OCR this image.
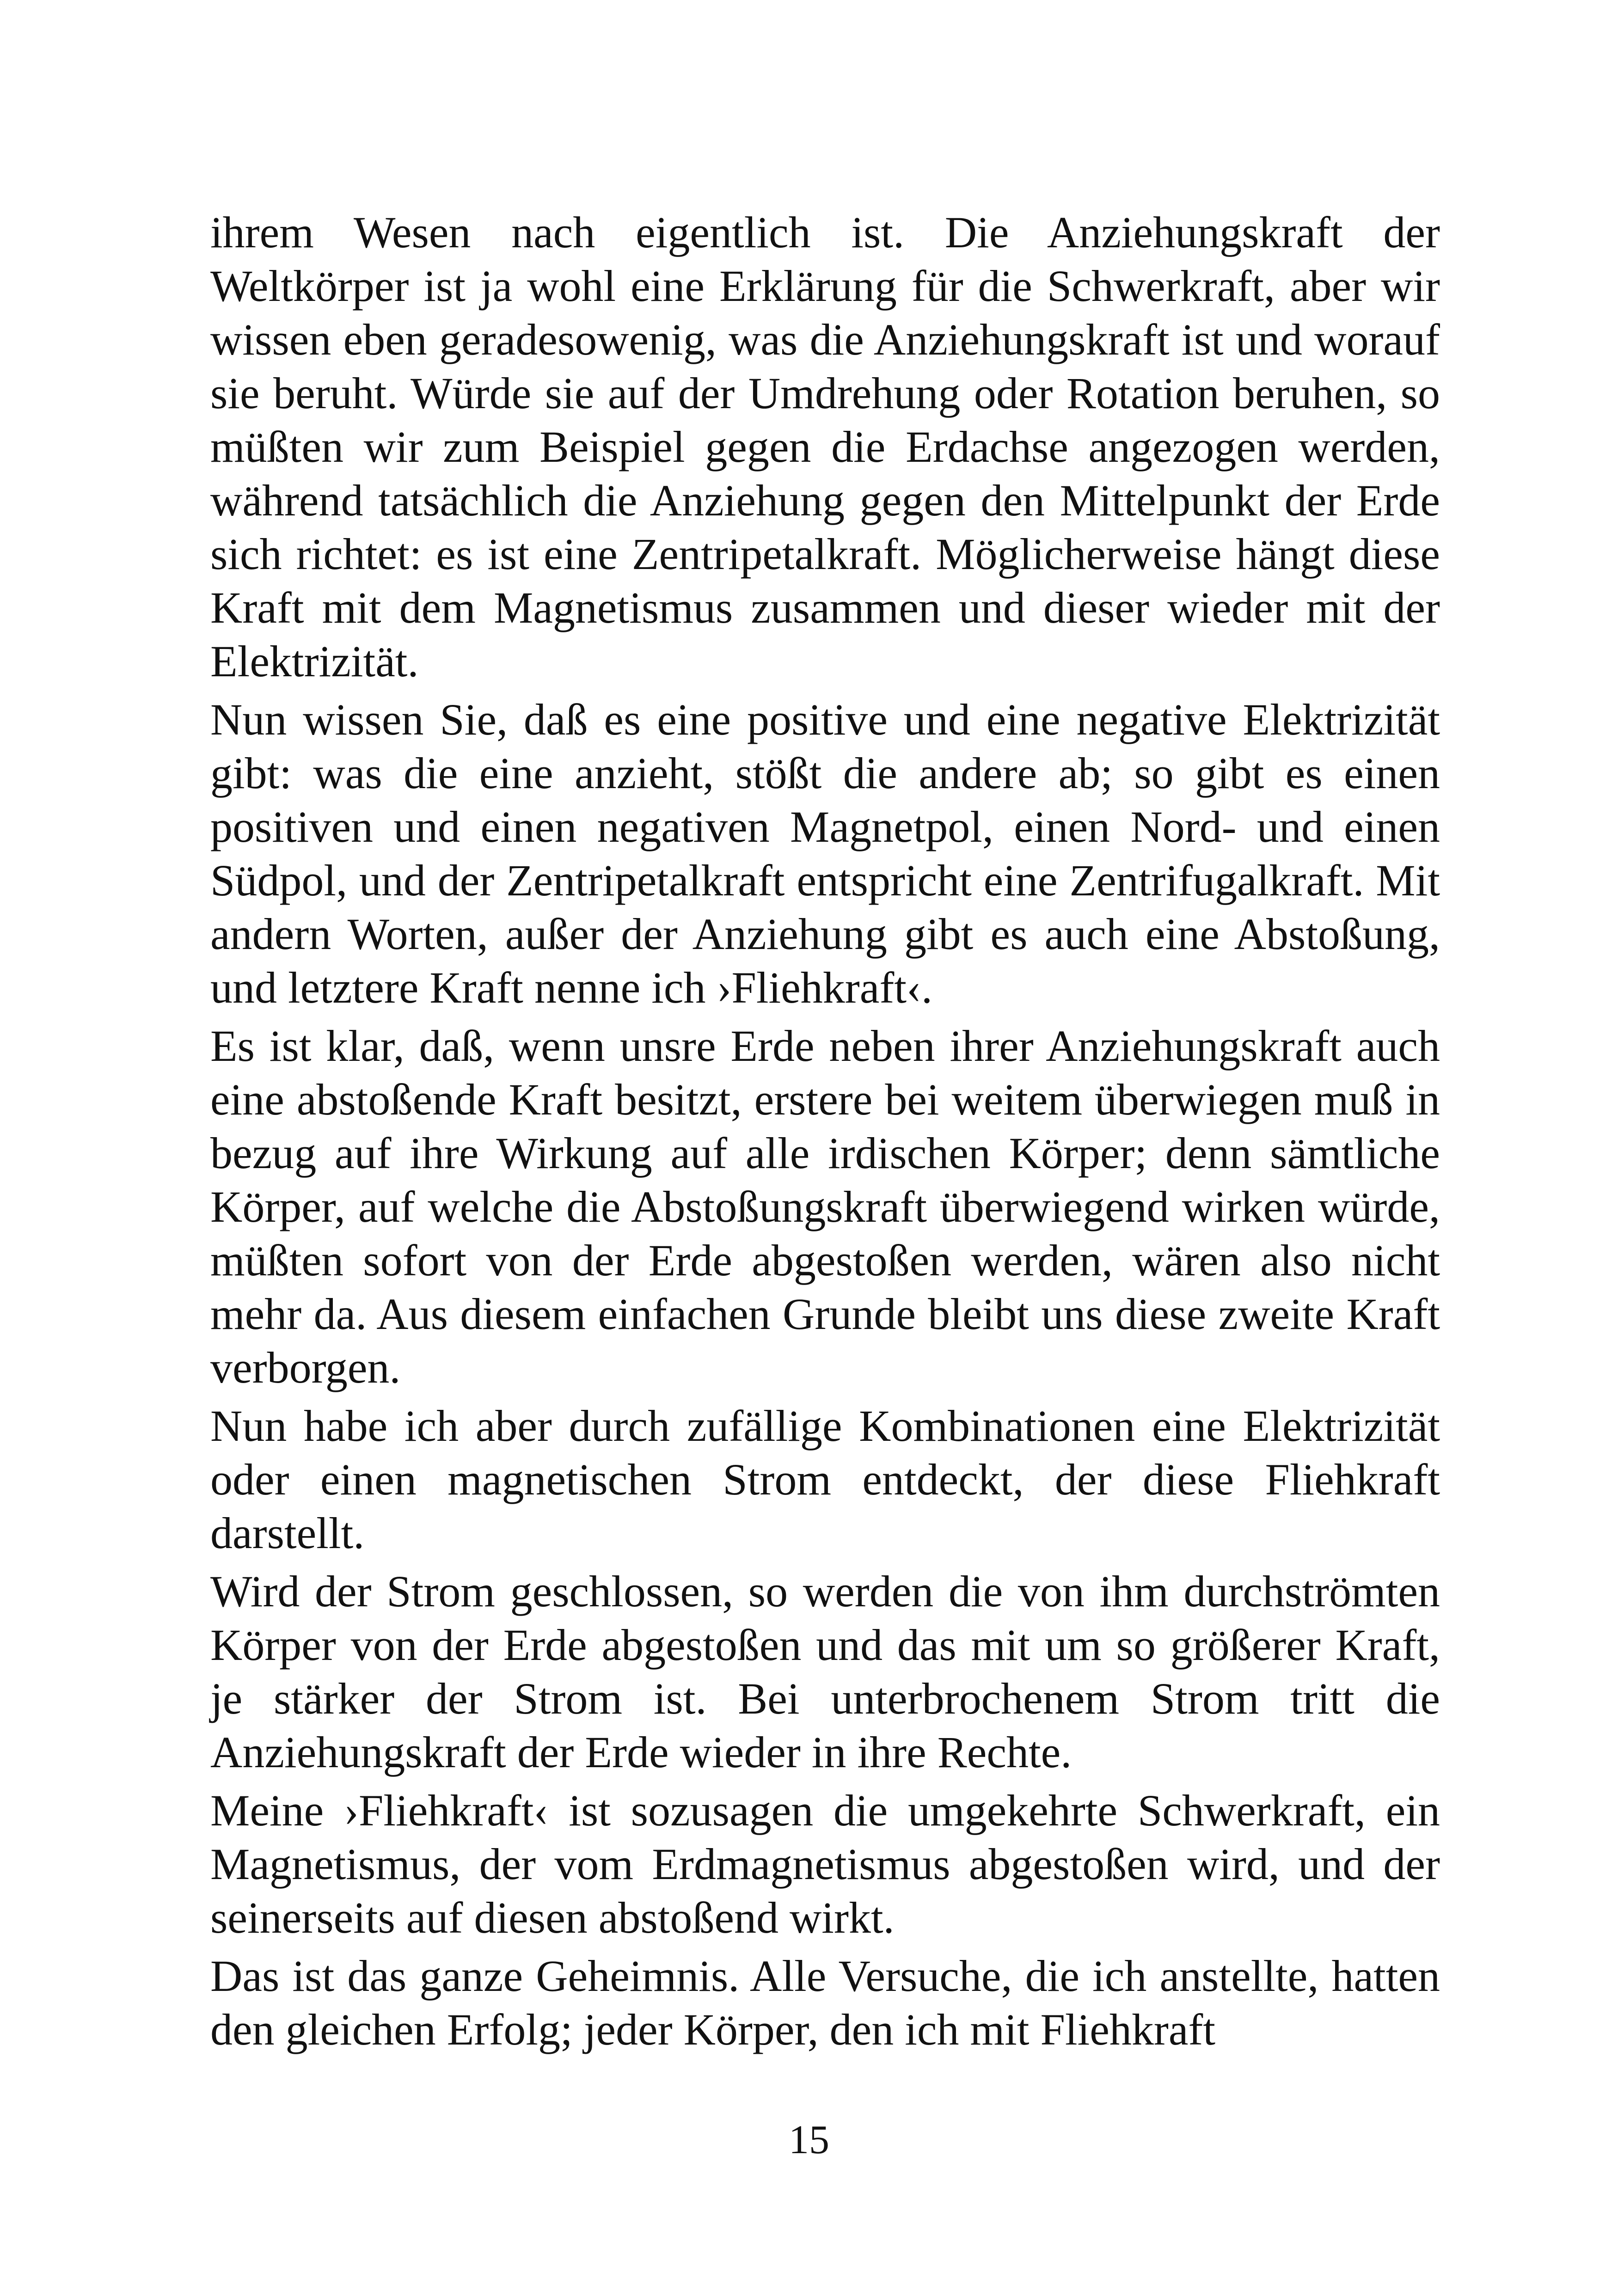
ihrem Wesen nach eigentlich ist. Die Anziehungskraft der Weltkörper ist ja wohl eine Erklärung für die Schwerkraft, aber wir wissen eben geradesowenig, was die Anziehungskraft ist und worauf sie beruht. Würde sie auf der Umdrehung oder Rotation beruhen, so müßten wir zum Beispiel gegen die Erdachse angezogen werden, während tatsächlich die Anziehung gegen den Mittelpunkt der Erde sich richtet: es ist eine Zentripetalkraft. Möglicherweise hängt diese Kraft mit dem Magnetismus zusammen und dieser wieder mit der Elektrizität.

Nun wissen Sie, daß es eine positive und eine negative Elektrizität gibt: was die eine anzieht, stößt die andere ab; so gibt es einen positiven und einen negativen Magnetpol, einen Nord- und einen Südpol, und der Zentripetalkraft entspricht eine Zentrifugalkraft. Mit andern Worten, außer der Anziehung gibt es auch eine Abstoßung, und letztere Kraft nenne ich ›Fliehkraft‹.

Es ist klar, daß, wenn unsre Erde neben ihrer Anziehungskraft auch eine abstoßende Kraft besitzt, erstere bei weitem überwiegen muß in bezug auf ihre Wirkung auf alle irdischen Körper; denn sämtliche Körper, auf welche die Abstoßungskraft überwiegend wirken würde, müßten sofort von der Erde abgestoßen werden, wären also nicht mehr da. Aus diesem einfachen Grunde bleibt uns diese zweite Kraft verborgen.

Nun habe ich aber durch zufällige Kombinationen eine Elektrizität oder einen magnetischen Strom entdeckt, der diese Fliehkraft darstellt.

Wird der Strom geschlossen, so werden die von ihm durchströmten Körper von der Erde abgestoßen und das mit um so größerer Kraft, je stärker der Strom ist. Bei unterbrochenem Strom tritt die Anziehungskraft der Erde wieder in ihre Rechte.

Meine ›Fliehkraft‹ ist sozusagen die umgekehrte Schwerkraft, ein Magnetismus, der vom Erdmagnetismus abgestoßen wird, und der seinerseits auf diesen abstoßend wirkt.

Das ist das ganze Geheimnis. Alle Versuche, die ich anstellte, hatten den gleichen Erfolg; jeder Körper, den ich mit Fliehkraft

15
